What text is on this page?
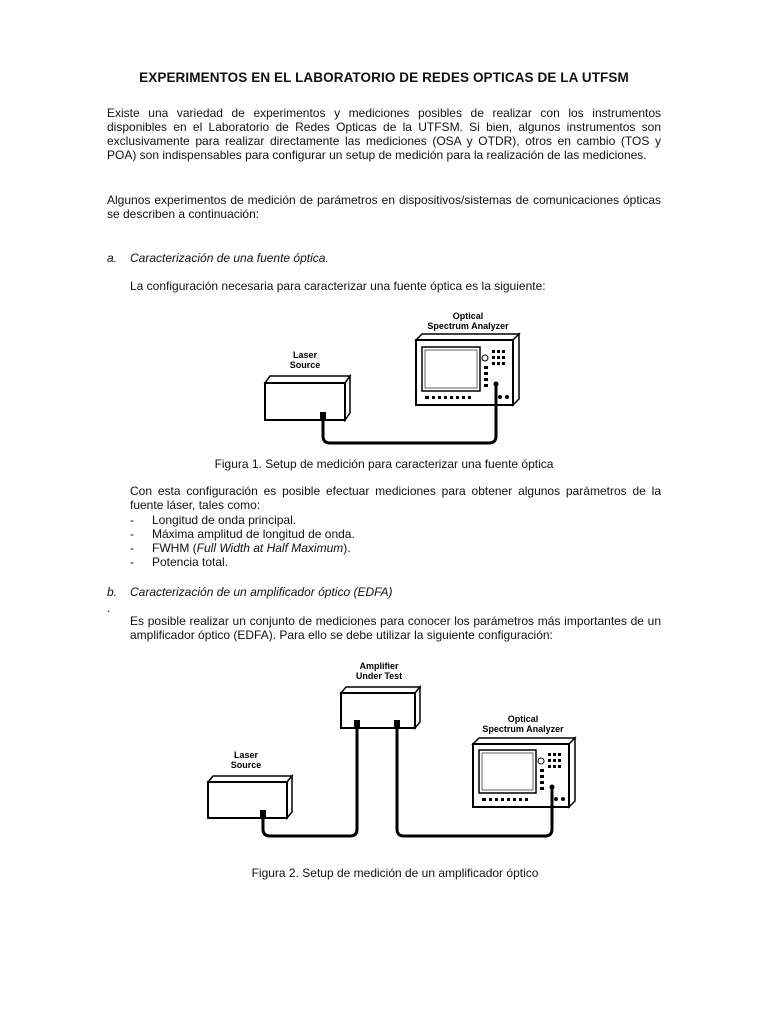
EXPERIMENTOS EN EL LABORATORIO DE REDES OPTICAS DE LA UTFSM
Existe una variedad de experimentos y mediciones posibles de realizar con los instrumentos disponibles en el Laboratorio de Redes Opticas de la UTFSM. Si bien, algunos instrumentos son exclusivamente para realizar directamente las mediciones (OSA y OTDR), otros en cambio (TOS y POA) son indispensables para configurar un setup de medición para la realización de las mediciones.
Algunos experimentos de medición de parámetros en dispositivos/sistemas de comunicaciones ópticas se describen a continuación:
a. Caracterización de una fuente óptica.
La configuración necesaria para caracterizar una fuente óptica es la siguiente:
Laser
Source
Optical
Spectrum Analyzer
Figura 1. Setup de medición para caracterizar una fuente óptica
Con esta configuración es posible efectuar mediciones para obtener algunos parámetros de la fuente láser, tales como:
- Longitud de onda principal.
- Máxima amplitud de longitud de onda.
- FWHM (Full Width at Half Maximum).
- Potencia total.
b. Caracterización de un amplificador óptico (EDFA)
.
Es posible realizar un conjunto de mediciones para conocer los parámetros más importantes de un amplificador óptico (EDFA). Para ello se debe utilizar la siguiente configuración:
Amplifier
Under Test
Laser
Source
Optical
Spectrum Analyzer
Figura 2. Setup de medición de un amplificador óptico
